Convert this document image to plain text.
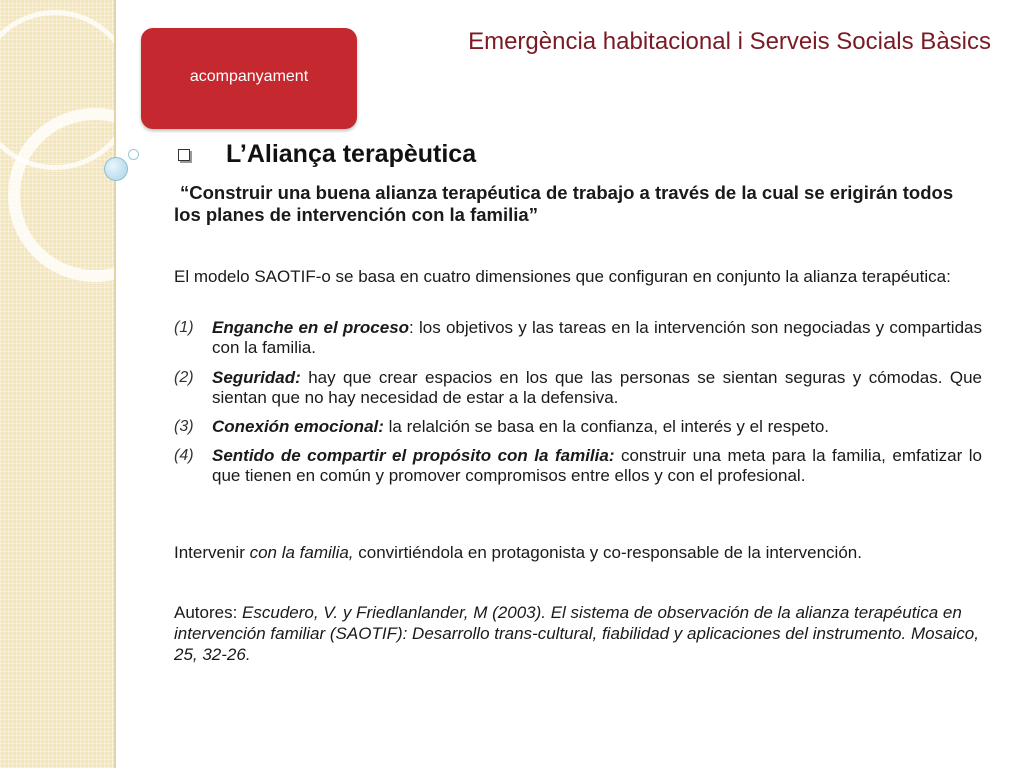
acompanyament
Emergència habitacional i Serveis Socials Bàsics
L’Aliança terapèutica
“Construir una buena alianza terapéutica de trabajo a través de la cual se erigirán todos los planes de intervención con la familia”
El modelo SAOTIF-o se basa en cuatro dimensiones que configuran en conjunto la alianza terapéutica:
(1) Enganche en el proceso: los objetivos y las tareas en la intervención son negociadas y compartidas con la familia.
(2) Seguridad: hay que crear espacios en los que las personas se sientan seguras y cómodas. Que sientan que no hay necesidad de estar a la defensiva.
(3) Conexión emocional: la relalción se basa en la confianza, el interés y el respeto.
(4) Sentido de compartir el propósito con la familia: construir una meta para la familia, emfatizar lo que tienen en común y promover compromisos entre ellos y con el profesional.
Intervenir con la familia, convirtiéndola en protagonista y co-responsable de la intervención.
Autores: Escudero, V. y Friedlanlander, M (2003). El sistema de observación de la alianza terapéutica en intervención familiar (SAOTIF): Desarrollo trans-cultural, fiabilidad y aplicaciones del instrumento. Mosaico, 25, 32-26.
